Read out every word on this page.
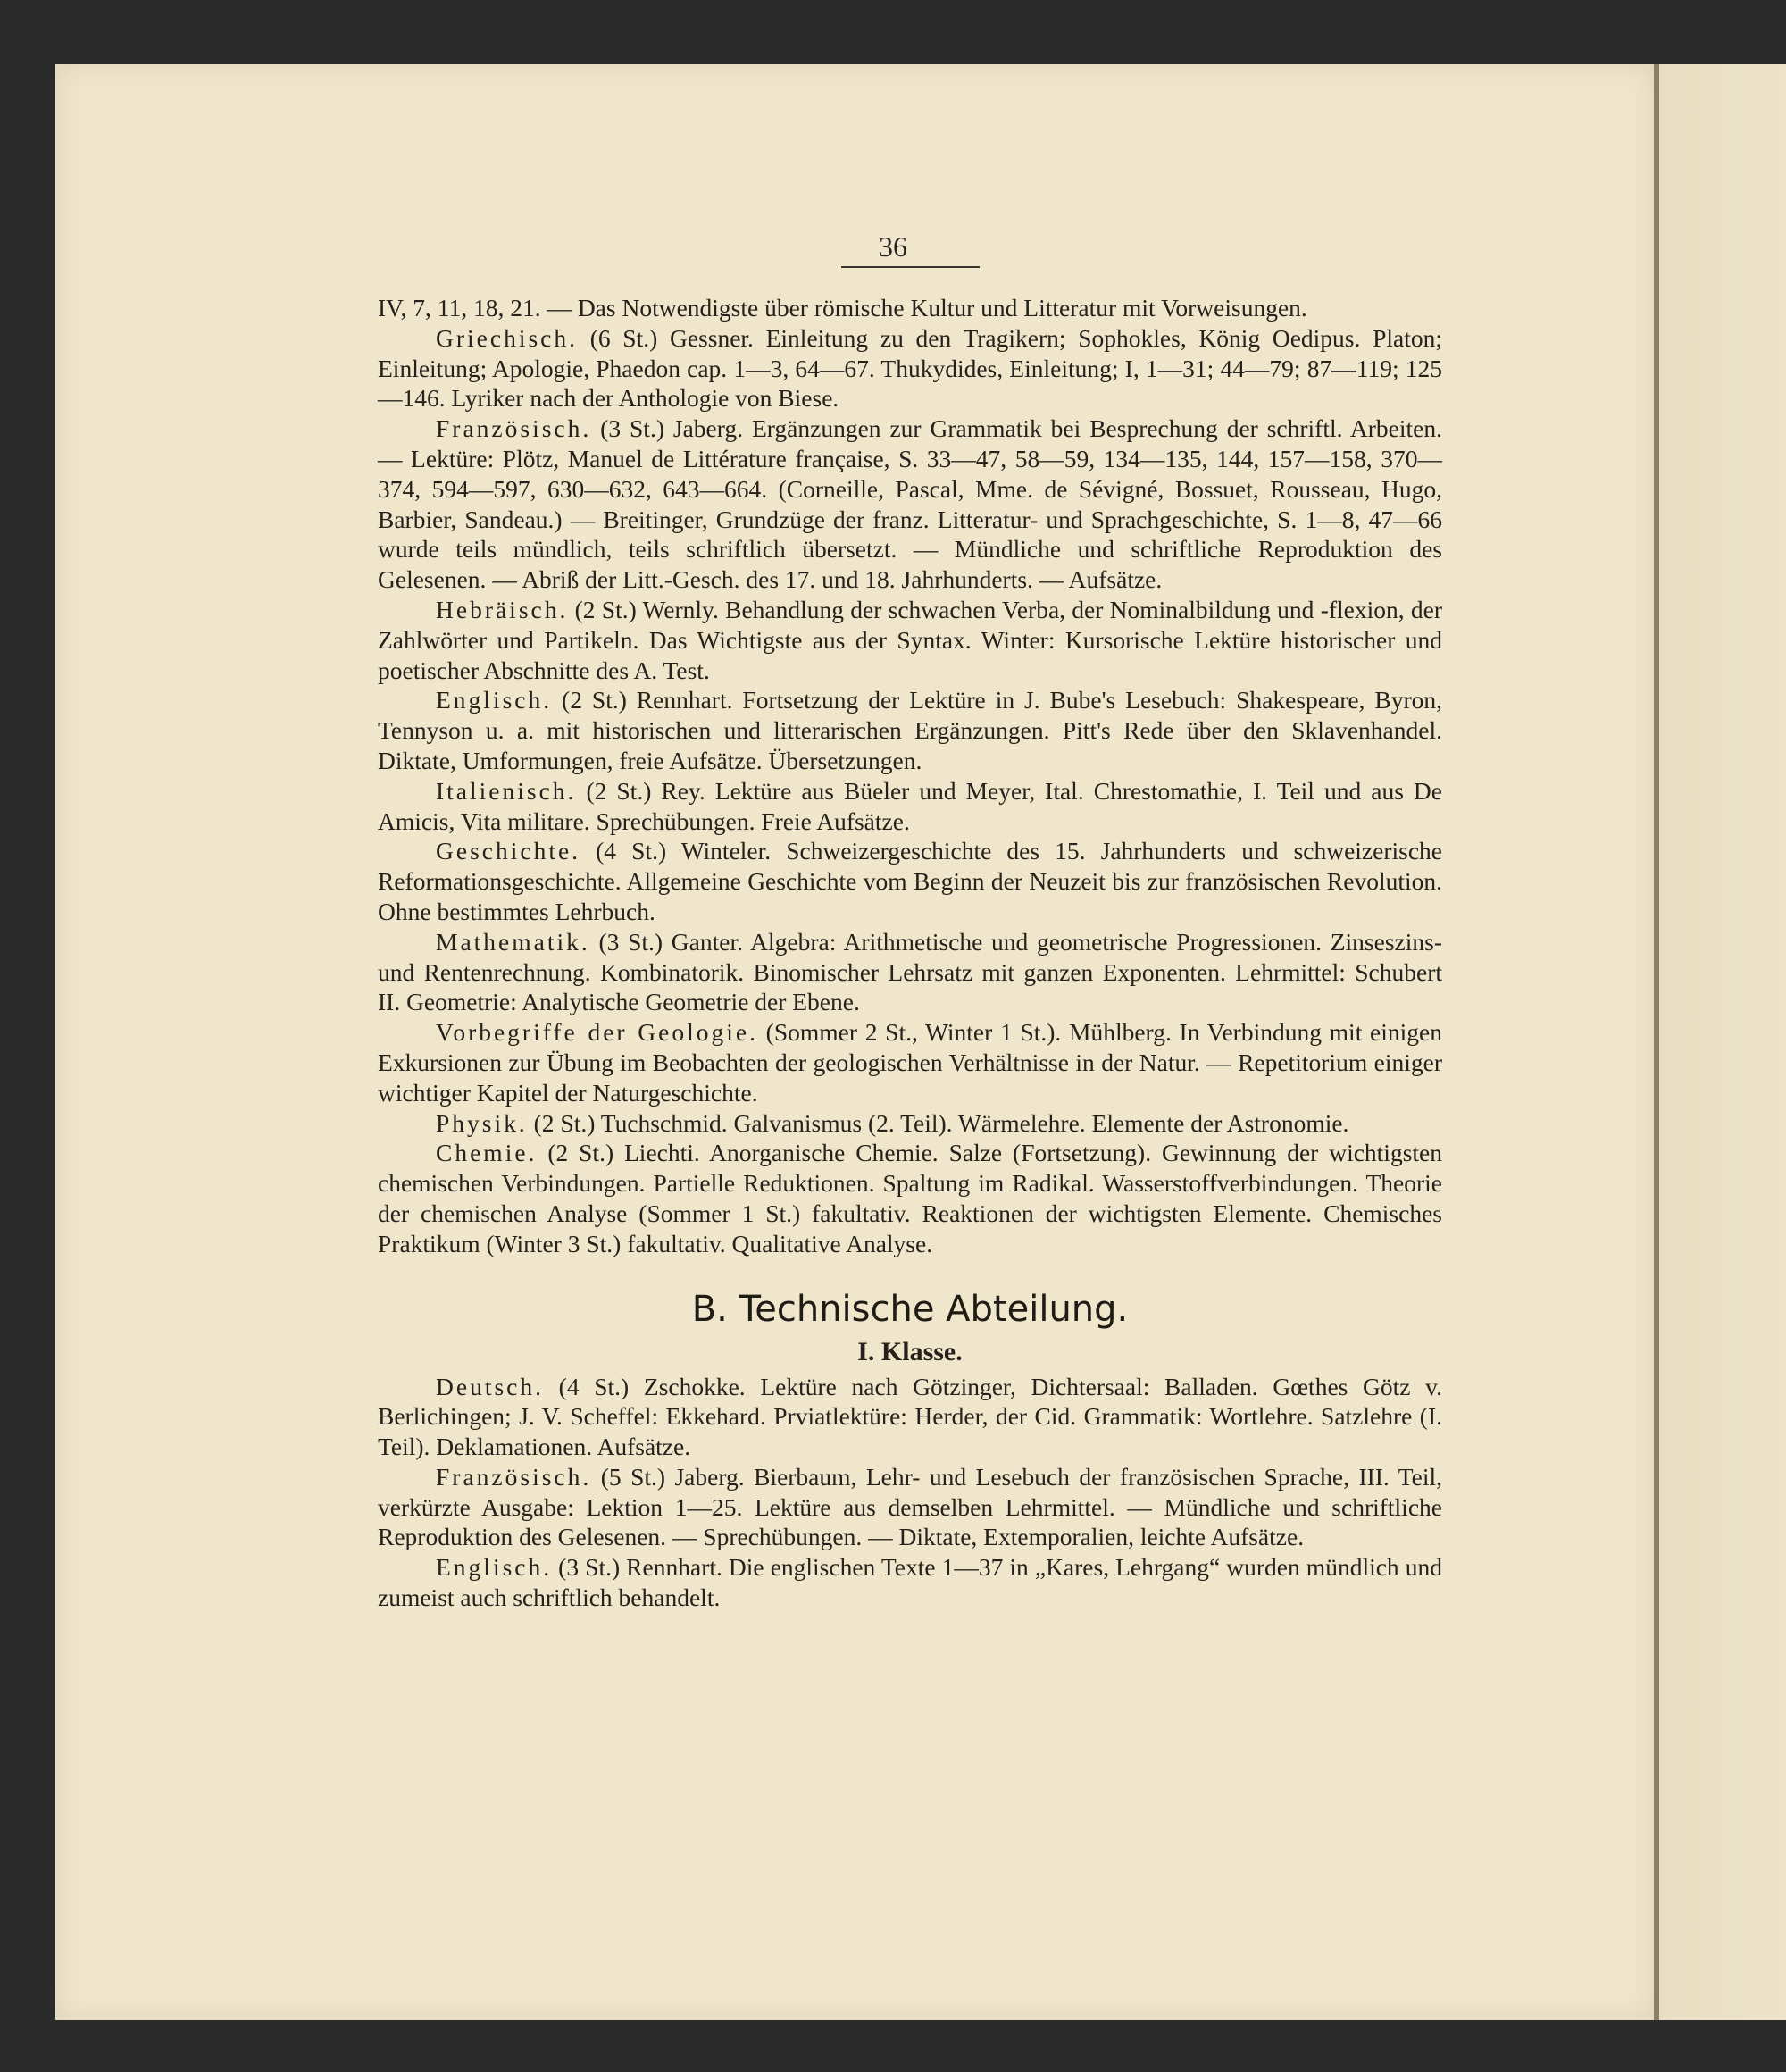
36

IV, 7, 11, 18, 21. — Das Notwendigste über römische Kultur und Litteratur mit Vorweisungen.

Griechisch. (6 St.) Gessner. Einleitung zu den Tragikern; Sophokles, König Oedipus. Platon; Einleitung; Apologie, Phaedon cap. 1—3, 64—67. Thukydides, Einleitung; I, 1—31; 44—79; 87—119; 125—146. Lyriker nach der Anthologie von Biese.

Französisch. (3 St.) Jaberg. Ergänzungen zur Grammatik bei Besprechung der schriftl. Arbeiten. — Lektüre: Plötz, Manuel de Littérature française, S. 33—47, 58—59, 134—135, 144, 157—158, 370—374, 594—597, 630—632, 643—664. (Corneille, Pascal, Mme. de Sévigné, Bossuet, Rousseau, Hugo, Barbier, Sandeau.) — Breitinger, Grundzüge der franz. Litteratur- und Sprachgeschichte, S. 1—8, 47—66 wurde teils mündlich, teils schriftlich übersetzt. — Mündliche und schriftliche Reproduktion des Gelesenen. — Abriß der Litt.-Gesch. des 17. und 18. Jahrhunderts. — Aufsätze.

Hebräisch. (2 St.) Wernly. Behandlung der schwachen Verba, der Nominalbildung und -flexion, der Zahlwörter und Partikeln. Das Wichtigste aus der Syntax. Winter: Kursorische Lektüre historischer und poetischer Abschnitte des A. Test.

Englisch. (2 St.) Rennhart. Fortsetzung der Lektüre in J. Bube's Lesebuch: Shakespeare, Byron, Tennyson u. a. mit historischen und litterarischen Ergänzungen. Pitt's Rede über den Sklavenhandel. Diktate, Umformungen, freie Aufsätze. Übersetzungen.

Italienisch. (2 St.) Rey. Lektüre aus Büeler und Meyer, Ital. Chrestomathie, I. Teil und aus De Amicis, Vita militare. Sprechübungen. Freie Aufsätze.

Geschichte. (4 St.) Winteler. Schweizergeschichte des 15. Jahrhunderts und schweizerische Reformationsgeschichte. Allgemeine Geschichte vom Beginn der Neuzeit bis zur französischen Revolution. Ohne bestimmtes Lehrbuch.

Mathematik. (3 St.) Ganter. Algebra: Arithmetische und geometrische Progressionen. Zinseszins- und Rentenrechnung. Kombinatorik. Binomischer Lehrsatz mit ganzen Exponenten. Lehrmittel: Schubert II. Geometrie: Analytische Geometrie der Ebene.

Vorbegriffe der Geologie. (Sommer 2 St., Winter 1 St.). Mühlberg. In Verbindung mit einigen Exkursionen zur Übung im Beobachten der geologischen Verhältnisse in der Natur. — Repetitorium einiger wichtiger Kapitel der Naturgeschichte.

Physik. (2 St.) Tuchschmid. Galvanismus (2. Teil). Wärmelehre. Elemente der Astronomie.

Chemie. (2 St.) Liechti. Anorganische Chemie. Salze (Fortsetzung). Gewinnung der wichtigsten chemischen Verbindungen. Partielle Reduktionen. Spaltung im Radikal. Wasserstoffverbindungen. Theorie der chemischen Analyse (Sommer 1 St.) fakultativ. Reaktionen der wichtigsten Elemente. Chemisches Praktikum (Winter 3 St.) fakultativ. Qualitative Analyse.

B. Technische Abteilung.
I. Klasse.

Deutsch. (4 St.) Zschokke. Lektüre nach Götzinger, Dichtersaal: Balladen. Gœthes Götz v. Berlichingen; J. V. Scheffel: Ekkehard. Prviatlektüre: Herder, der Cid. Grammatik: Wortlehre. Satzlehre (I. Teil). Deklamationen. Aufsätze.

Französisch. (5 St.) Jaberg. Bierbaum, Lehr- und Lesebuch der französischen Sprache, III. Teil, verkürzte Ausgabe: Lektion 1—25. Lektüre aus demselben Lehrmittel. — Mündliche und schriftliche Reproduktion des Gelesenen. — Sprechübungen. — Diktate, Extemporalien, leichte Aufsätze.

Englisch. (3 St.) Rennhart. Die englischen Texte 1—37 in „Kares, Lehrgang“ wurden mündlich und zumeist auch schriftlich behandelt.
